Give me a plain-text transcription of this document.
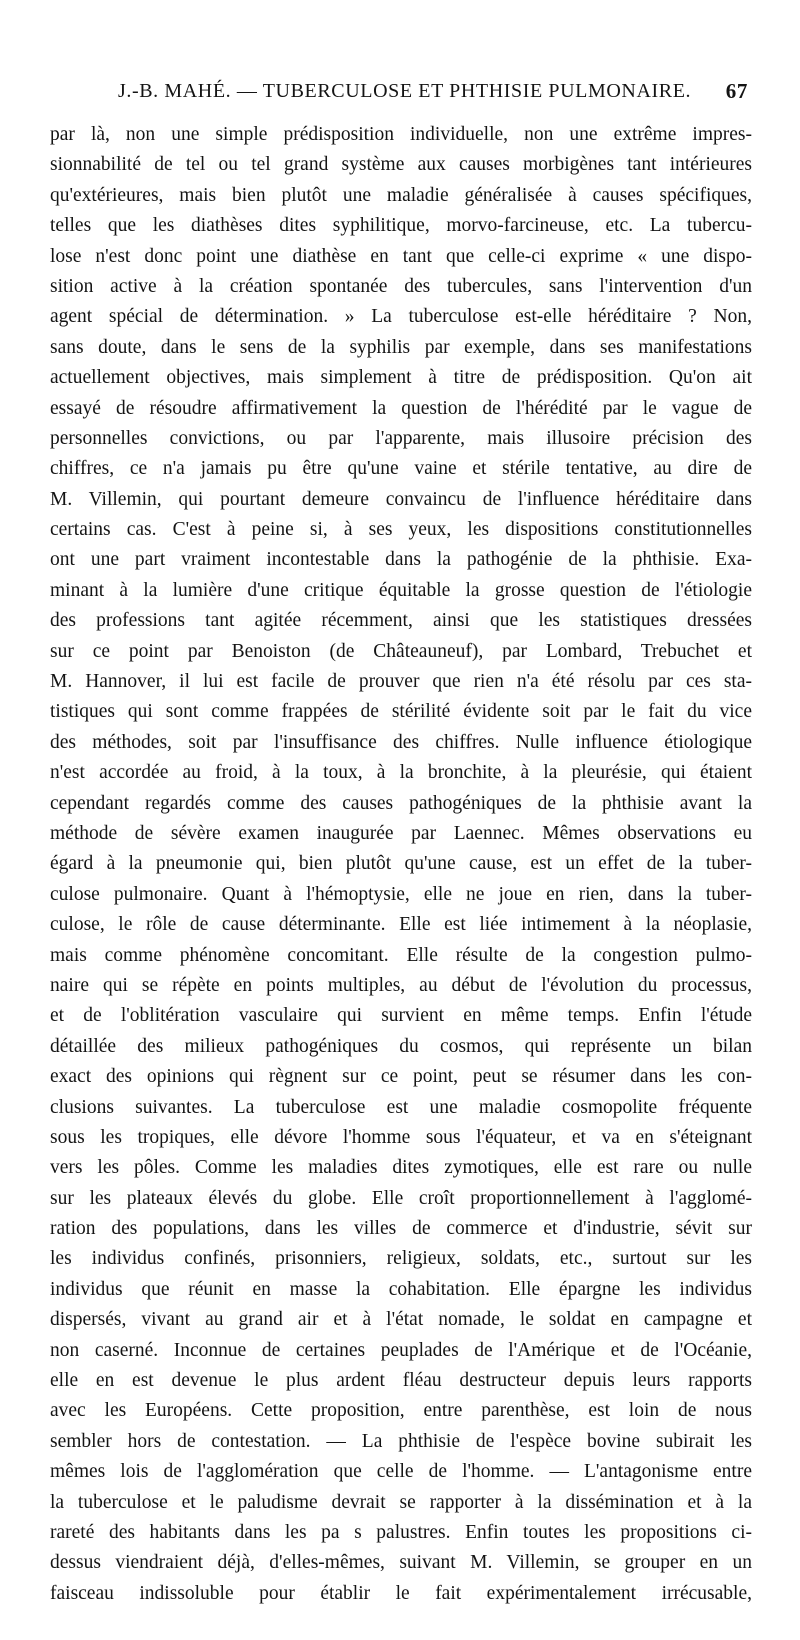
J.-B. MAHÉ. — TUBERCULOSE ET PHTHISIE PULMONAIRE.	67
par là, non une simple prédisposition individuelle, non une extrême impres-
sionnabilité de tel ou tel grand système aux causes morbigènes tant intérieures
qu'extérieures, mais bien plutôt une maladie généralisée à causes spécifiques,
telles que les diathèses dites syphilitique, morvo-farcineuse, etc. La tubercu-
lose n'est donc point une diathèse en tant que celle-ci exprime « une dispo-
sition active à la création spontanée des tubercules, sans l'intervention d'un
agent spécial de détermination. » La tuberculose est-elle héréditaire ? Non,
sans doute, dans le sens de la syphilis par exemple, dans ses manifestations
actuellement objectives, mais simplement à titre de prédisposition. Qu'on ait
essayé de résoudre affirmativement la question de l'hérédité par le vague de
personnelles convictions, ou par l'apparente, mais illusoire précision des
chiffres, ce n'a jamais pu être qu'une vaine et stérile tentative, au dire de
M. Villemin, qui pourtant demeure convaincu de l'influence héréditaire dans
certains cas. C'est à peine si, à ses yeux, les dispositions constitutionnelles
ont une part vraiment incontestable dans la pathogénie de la phthisie. Exa-
minant à la lumière d'une critique équitable la grosse question de l'étiologie
des professions tant agitée récemment, ainsi que les statistiques dressées
sur ce point par Benoiston (de Châteauneuf), par Lombard, Trebuchet et
M. Hannover, il lui est facile de prouver que rien n'a été résolu par ces sta-
tistiques qui sont comme frappées de stérilité évidente soit par le fait du vice
des méthodes, soit par l'insuffisance des chiffres. Nulle influence étiologique
n'est accordée au froid, à la toux, à la bronchite, à la pleurésie, qui étaient
cependant regardés comme des causes pathogéniques de la phthisie avant la
méthode de sévère examen inaugurée par Laennec. Mêmes observations eu
égard à la pneumonie qui, bien plutôt qu'une cause, est un effet de la tuber-
culose pulmonaire. Quant à l'hémoptysie, elle ne joue en rien, dans la tuber-
culose, le rôle de cause déterminante. Elle est liée intimement à la néoplasie,
mais comme phénomène concomitant. Elle résulte de la congestion pulmo-
naire qui se répète en points multiples, au début de l'évolution du processus,
et de l'oblitération vasculaire qui survient en même temps. Enfin l'étude
détaillée des milieux pathogéniques du cosmos, qui représente un bilan
exact des opinions qui règnent sur ce point, peut se résumer dans les con-
clusions suivantes. La tuberculose est une maladie cosmopolite fréquente
sous les tropiques, elle dévore l'homme sous l'équateur, et va en s'éteignant
vers les pôles. Comme les maladies dites zymotiques, elle est rare ou nulle
sur les plateaux élevés du globe. Elle croît proportionnellement à l'agglomé-
ration des populations, dans les villes de commerce et d'industrie, sévit sur
les individus confinés, prisonniers, religieux, soldats, etc., surtout sur les
individus que réunit en masse la cohabitation. Elle épargne les individus
dispersés, vivant au grand air et à l'état nomade, le soldat en campagne et
non caserné. Inconnue de certaines peuplades de l'Amérique et de l'Océanie,
elle en est devenue le plus ardent fléau destructeur depuis leurs rapports
avec les Européens. Cette proposition, entre parenthèse, est loin de nous
sembler hors de contestation. — La phthisie de l'espèce bovine subirait les
mêmes lois de l'agglomération que celle de l'homme. — L'antagonisme entre
la tuberculose et le paludisme devrait se rapporter à la dissémination et à la
rareté des habitants dans les pa s palustres. Enfin toutes les propositions ci-
dessus viendraient déjà, d'elles-mêmes, suivant M. Villemin, se grouper en un
faisceau indissoluble pour établir le fait expérimentalement irrécusable,
